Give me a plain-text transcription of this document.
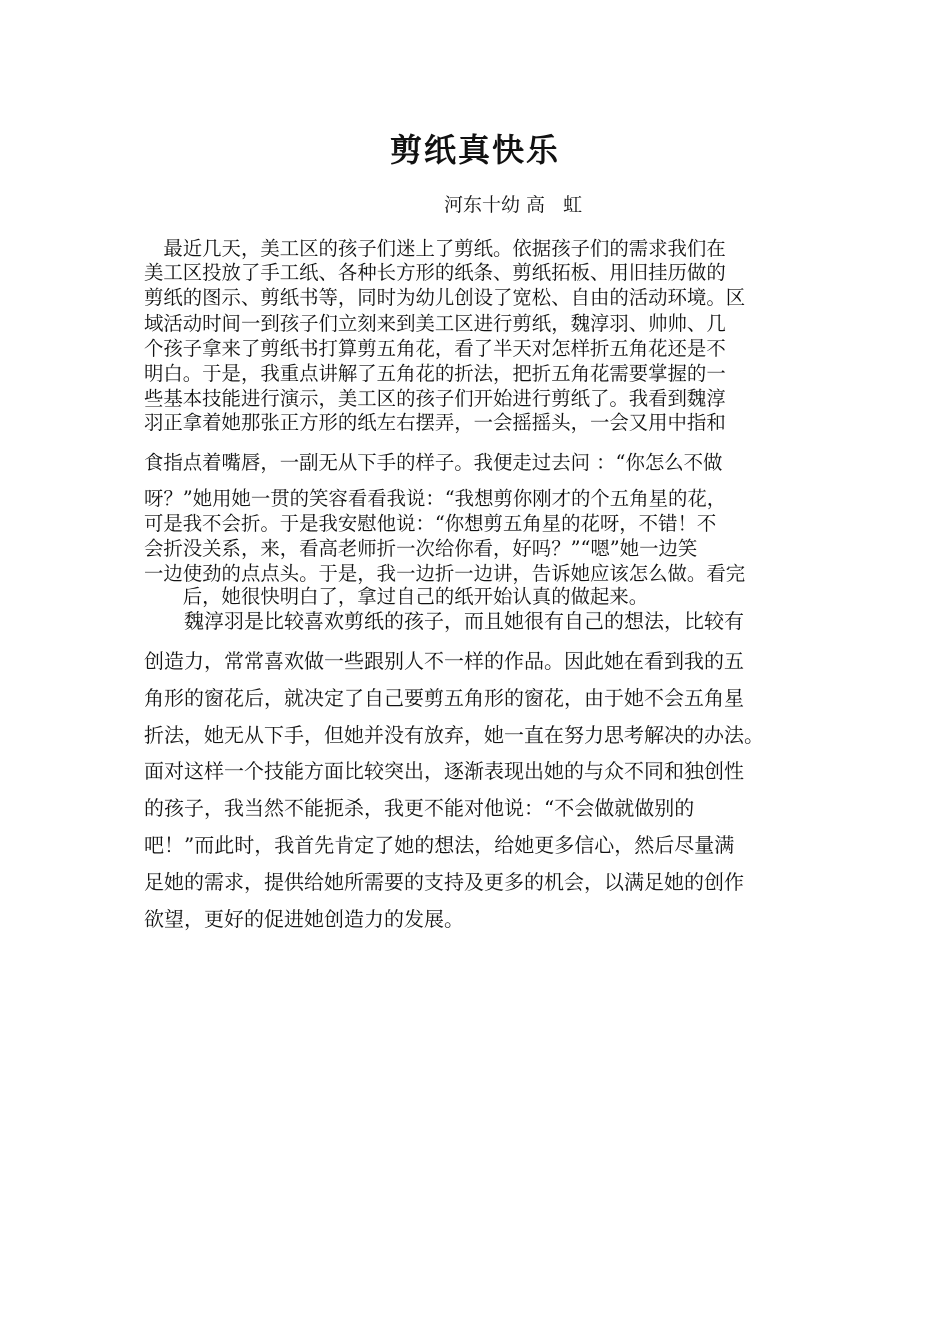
剪纸真快乐
河东十幼 高   虹
　最近几天，美工区的孩子们迷上了剪纸。依据孩子们的需求我们在
美工区投放了手工纸、各种长方形的纸条、剪纸拓板、用旧挂历做的
剪纸的图示、剪纸书等，同时为幼儿创设了宽松、自由的活动环境。区
域活动时间一到孩子们立刻来到美工区进行剪纸，魏淳羽、帅帅、几
个孩子拿来了剪纸书打算剪五角花，看了半天对怎样折五角花还是不
明白。于是，我重点讲解了五角花的折法，把折五角花需要掌握的一
些基本技能进行演示，美工区的孩子们开始进行剪纸了。我看到魏淳
羽正拿着她那张正方形的纸左右摆弄，一会摇摇头，一会又用中指和
食指点着嘴唇，一副无从下手的样子。我便走过去问 ：“你怎么不做
呀？”她用她一贯的笑容看看我说：“我想剪你刚才的个五角星的花，
可是我不会折。于是我安慰他说：“你想剪五角星的花呀，不错！不
会折没关系，来，看高老师折一次给你看，好吗？”“嗯”她一边笑
一边使劲的点点头。于是，我一边折一边讲，告诉她应该怎么做。看完
　　后，她很快明白了，拿过自己的纸开始认真的做起来。
　　魏淳羽是比较喜欢剪纸的孩子，而且她很有自己的想法，比较有
创造力，常常喜欢做一些跟别人不一样的作品。因此她在看到我的五
角形的窗花后，就决定了自己要剪五角形的窗花，由于她不会五角星
折法，她无从下手，但她并没有放弃，她一直在努力思考解决的办法。
面对这样一个技能方面比较突出，逐渐表现出她的与众不同和独创性
的孩子，我当然不能扼杀，我更不能对他说：“不会做就做别的
吧！”而此时，我首先肯定了她的想法，给她更多信心，然后尽量满
足她的需求，提供给她所需要的支持及更多的机会，以满足她的创作
欲望，更好的促进她创造力的发展。
